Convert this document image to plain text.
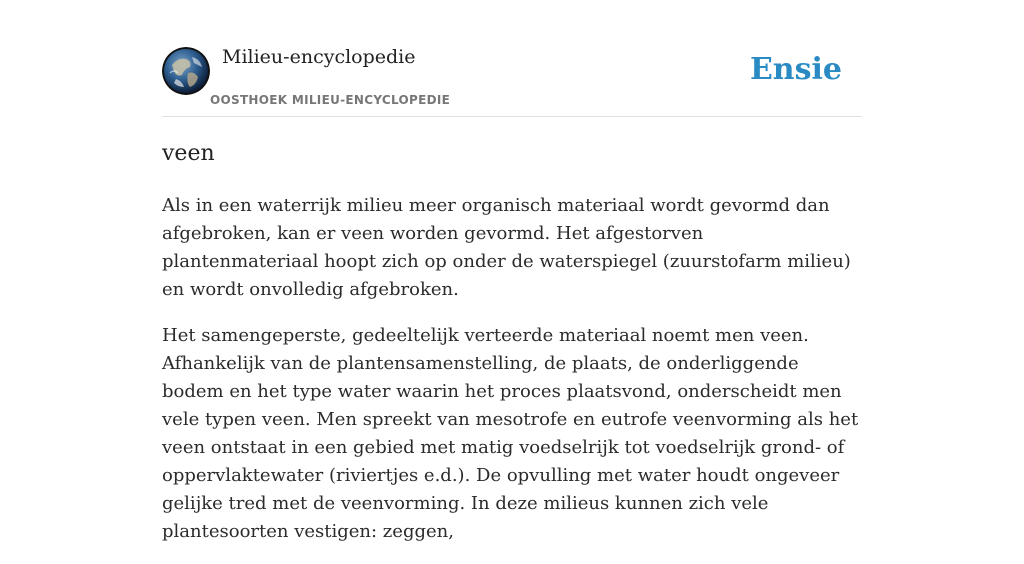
Milieu-encyclopedie
OOSTHOEK MILIEU-ENCYCLOPEDIE
Ensie
veen

Als in een waterrijk milieu meer organisch materiaal wordt gevormd dan afgebroken, kan er veen worden gevormd. Het afgestorven plantenmateriaal hoopt zich op onder de waterspiegel (zuurstofarm milieu) en wordt onvolledig afgebroken.

Het samengeperste, gedeeltelijk verteerde materiaal noemt men veen. Afhankelijk van de plantensamenstelling, de plaats, de onderliggende bodem en het type water waarin het proces plaatsvond, onderscheidt men vele typen veen. Men spreekt van mesotrofe en eutrofe veenvorming als het veen ontstaat in een gebied met matig voedselrijk tot voedselrijk grond- of oppervlaktewater (riviertjes e.d.). De opvulling met water houdt ongeveer gelijke tred met de veenvorming. In deze milieus kunnen zich vele plantesoorten vestigen: zeggen,
